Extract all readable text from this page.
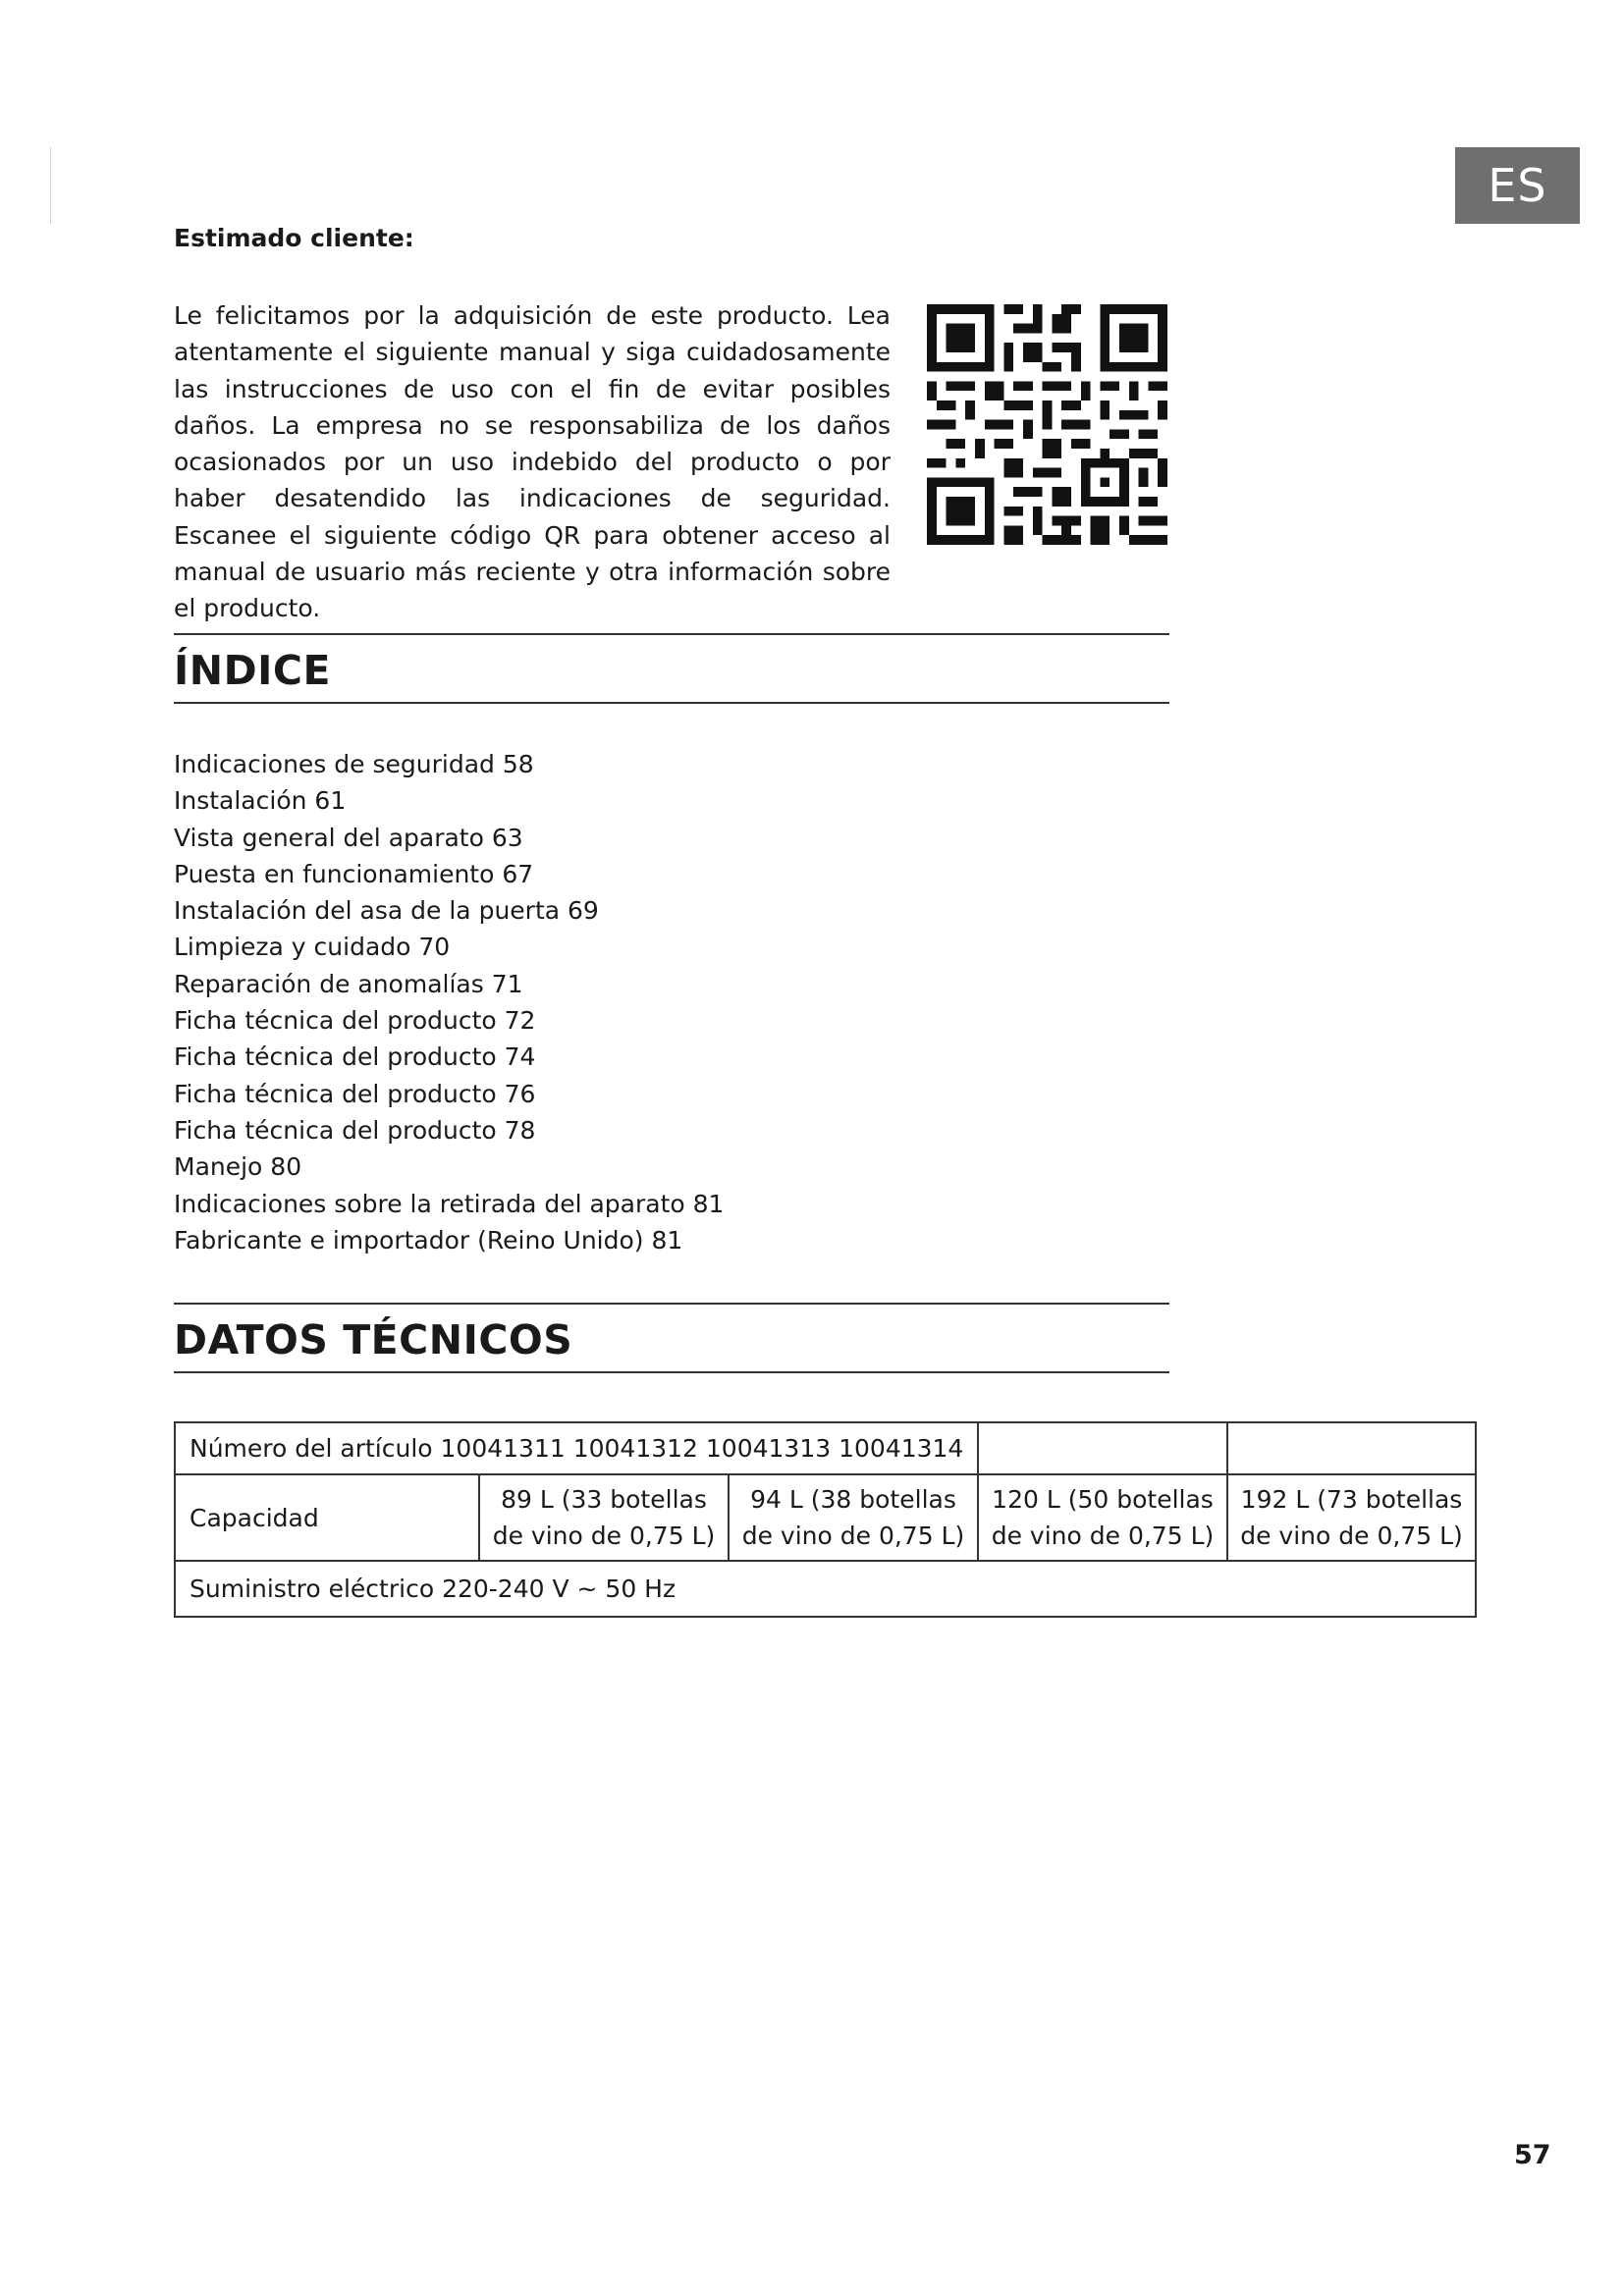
ES
Estimado cliente:

Le felicitamos por la adquisición de este producto. Lea atentamente el siguiente manual y siga cuidadosamente las instrucciones de uso con el fin de evitar posibles daños. La empresa no se responsabiliza de los daños ocasionados por un uso indebido del producto o por haber desatendido las indicaciones de seguridad. Escanee el siguiente código QR para obtener acceso al manual de usuario más reciente y otra información sobre el producto.

ÍNDICE
Indicaciones de seguridad 58
Instalación 61
Vista general del aparato 63
Puesta en funcionamiento 67
Instalación del asa de la puerta 69
Limpieza y cuidado 70
Reparación de anomalías 71
Ficha técnica del producto 72
Ficha técnica del producto 74
Ficha técnica del producto 76
Ficha técnica del producto 78
Manejo 80
Indicaciones sobre la retirada del aparato 81
Fabricante e importador (Reino Unido) 81
DATOS TÉCNICOS
Número del artículo 10041311 10041312 10041313 10041314				
Capacidad	89 L (33 botellas de vino de 0,75 L)	94 L (38 botellas de vino de 0,75 L)	120 L (50 botellas de vino de 0,75 L)	192 L (73 botellas de vino de 0,75 L)
Suministro eléctrico 220-240 V ~ 50 Hz				
57
